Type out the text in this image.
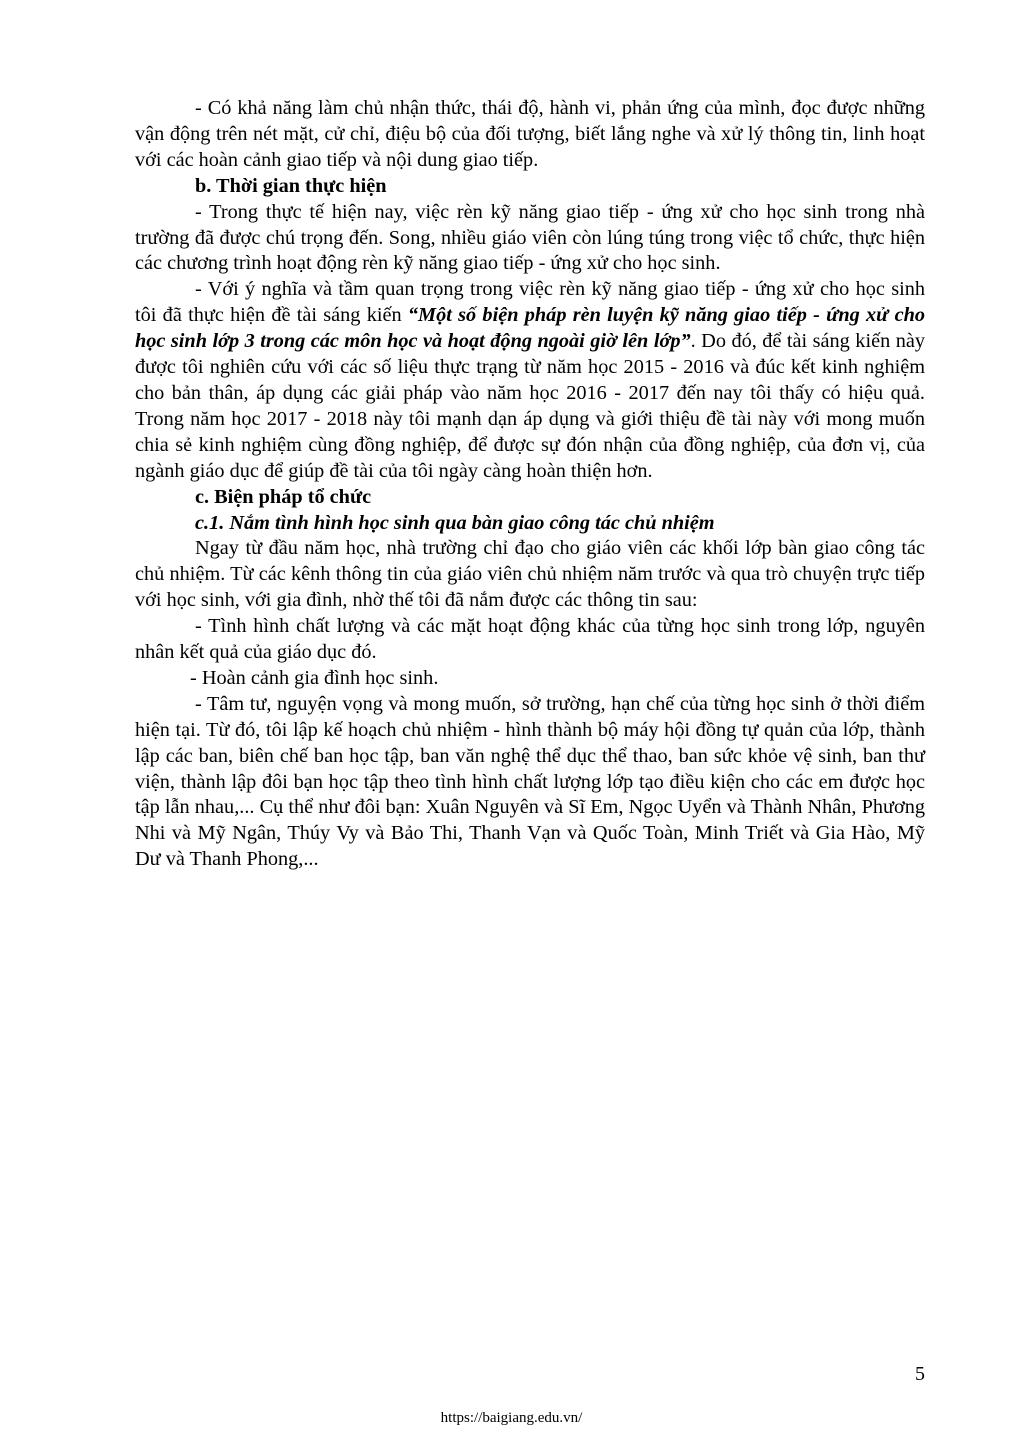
- Có khả năng làm chủ nhận thức, thái độ, hành vi, phản ứng của mình, đọc được những vận động trên nét mặt, cử chỉ, điệu bộ của đối tượng, biết lắng nghe và xử lý thông tin, linh hoạt với các hoàn cảnh giao tiếp và nội dung giao tiếp.

b. Thời gian thực hiện

- Trong thực tế hiện nay, việc rèn kỹ năng giao tiếp - ứng xử cho học sinh trong nhà trường đã được chú trọng đến. Song, nhiều giáo viên còn lúng túng trong việc tổ chức, thực hiện các chương trình hoạt động rèn kỹ năng giao tiếp - ứng xử cho học sinh.

- Với ý nghĩa và tầm quan trọng trong việc rèn kỹ năng giao tiếp - ứng xử cho học sinh tôi đã thực hiện đề tài sáng kiến “Một số biện pháp rèn luyện kỹ năng giao tiếp - ứng xử cho học sinh lớp 3 trong các môn học và hoạt động ngoài giờ lên lớp”. Do đó, để tài sáng kiến này được tôi nghiên cứu với các số liệu thực trạng từ năm học 2015 - 2016 và đúc kết kinh nghiệm cho bản thân, áp dụng các giải pháp vào năm học 2016 - 2017 đến nay tôi thấy có hiệu quả. Trong năm học 2017 - 2018 này tôi mạnh dạn áp dụng và giới thiệu đề tài này với mong muốn chia sẻ kinh nghiệm cùng đồng nghiệp, để được sự đón nhận của đồng nghiệp, của đơn vị, của ngành giáo dục để giúp đề tài của tôi ngày càng hoàn thiện hơn.

c. Biện pháp tổ chức

c.1. Nắm tình hình học sinh qua bàn giao công tác chủ nhiệm

Ngay từ đầu năm học, nhà trường chỉ đạo cho giáo viên các khối lớp bàn giao công tác chủ nhiệm. Từ các kênh thông tin của giáo viên chủ nhiệm năm trước và qua trò chuyện trực tiếp với học sinh, với gia đình, nhờ thế tôi đã nắm được các thông tin sau:

- Tình hình chất lượng và các mặt hoạt động khác của từng học sinh trong lớp, nguyên nhân kết quả của giáo dục đó.

- Hoàn cảnh gia đình học sinh.

- Tâm tư, nguyện vọng và mong muốn, sở trường, hạn chế của từng học sinh ở thời điểm hiện tại. Từ đó, tôi lập kế hoạch chủ nhiệm - hình thành bộ máy hội đồng tự quản của lớp, thành lập các ban, biên chế ban học tập, ban văn nghệ thể dục thể thao, ban sức khỏe vệ sinh, ban thư viện, thành lập đôi bạn học tập theo tình hình chất lượng lớp tạo điều kiện cho các em được học tập lẫn nhau,... Cụ thể như đôi bạn: Xuân Nguyên và Sĩ Em, Ngọc Uyển và Thành Nhân, Phương Nhi và Mỹ Ngân, Thúy Vy và Bảo Thi, Thanh Vạn và Quốc Toàn, Minh Triết và Gia Hào, Mỹ Dư và Thanh Phong,...

5
https://baigiang.edu.vn/
